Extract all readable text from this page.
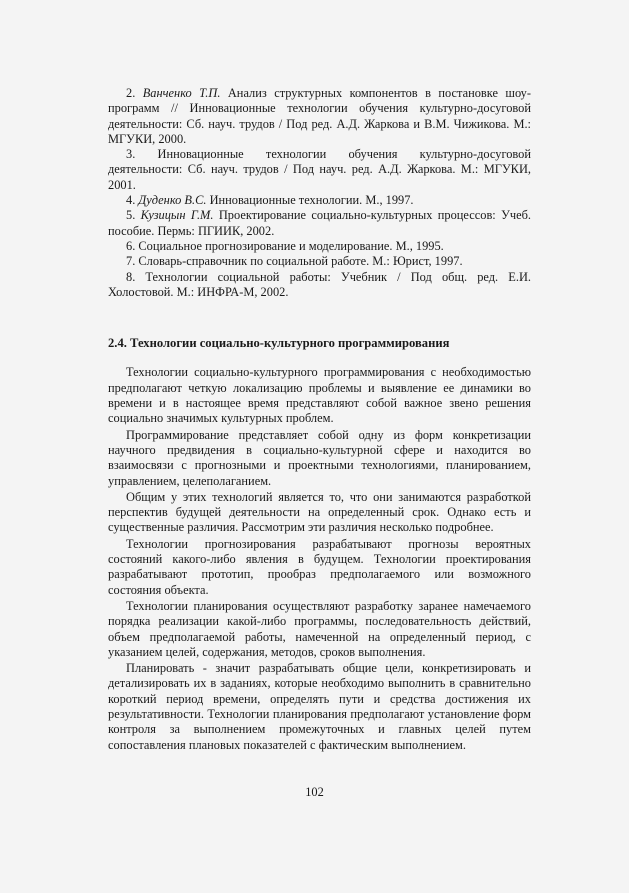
2. Ванченко Т.П. Анализ структурных компонентов в постановке шоу-программ // Инновационные технологии обучения культурно-досуговой деятельности: Сб. науч. трудов / Под ред. А.Д. Жаркова и В.М. Чижикова. М.: МГУКИ, 2000.

3. Инновационные технологии обучения культурно-досуговой деятельности: Сб. науч. трудов / Под науч. ред. А.Д. Жаркова. М.: МГУКИ, 2001.

4. Дуденко В.С. Инновационные технологии. М., 1997.

5. Кузицын Г.М. Проектирование социально-культурных процессов: Учеб. пособие. Пермь: ПГИИК, 2002.

6. Социальное прогнозирование и моделирование. М., 1995.

7. Словарь-справочник по социальной работе. М.: Юрист, 1997.

8. Технологии социальной работы: Учебник / Под общ. ред. Е.И. Холостовой. М.: ИНФРА-М, 2002.

2.4. Технологии социально-культурного программирования

Технологии социально-культурного программирования с необходимостью предполагают четкую локализацию проблемы и выявление ее динамики во времени и в настоящее время представляют собой важное звено решения социально значимых культурных проблем.

Программирование представляет собой одну из форм конкретизации научного предвидения в социально-культурной сфере и находится во взаимосвязи с прогнозными и проектными технологиями, планированием, управлением, целеполаганием.

Общим у этих технологий является то, что они занимаются разработкой перспектив будущей деятельности на определенный срок. Однако есть и существенные различия. Рассмотрим эти различия несколько подробнее.

Технологии прогнозирования разрабатывают прогнозы вероятных состояний какого-либо явления в будущем. Технологии проектирования разрабатывают прототип, прообраз предполагаемого или возможного состояния объекта.

Технологии планирования осуществляют разработку заранее намечаемого порядка реализации какой-либо программы, последовательность действий, объем предполагаемой работы, намеченной на определенный период, с указанием целей, содержания, методов, сроков выполнения.

Планировать - значит разрабатывать общие цели, конкретизировать и детализировать их в заданиях, которые необходимо выполнить в сравнительно короткий период времени, определять пути и средства достижения их результативности. Технологии планирования предполагают установление форм контроля за выполнением промежуточных и главных целей путем сопоставления плановых показателей с фактическим выполнением.

102
